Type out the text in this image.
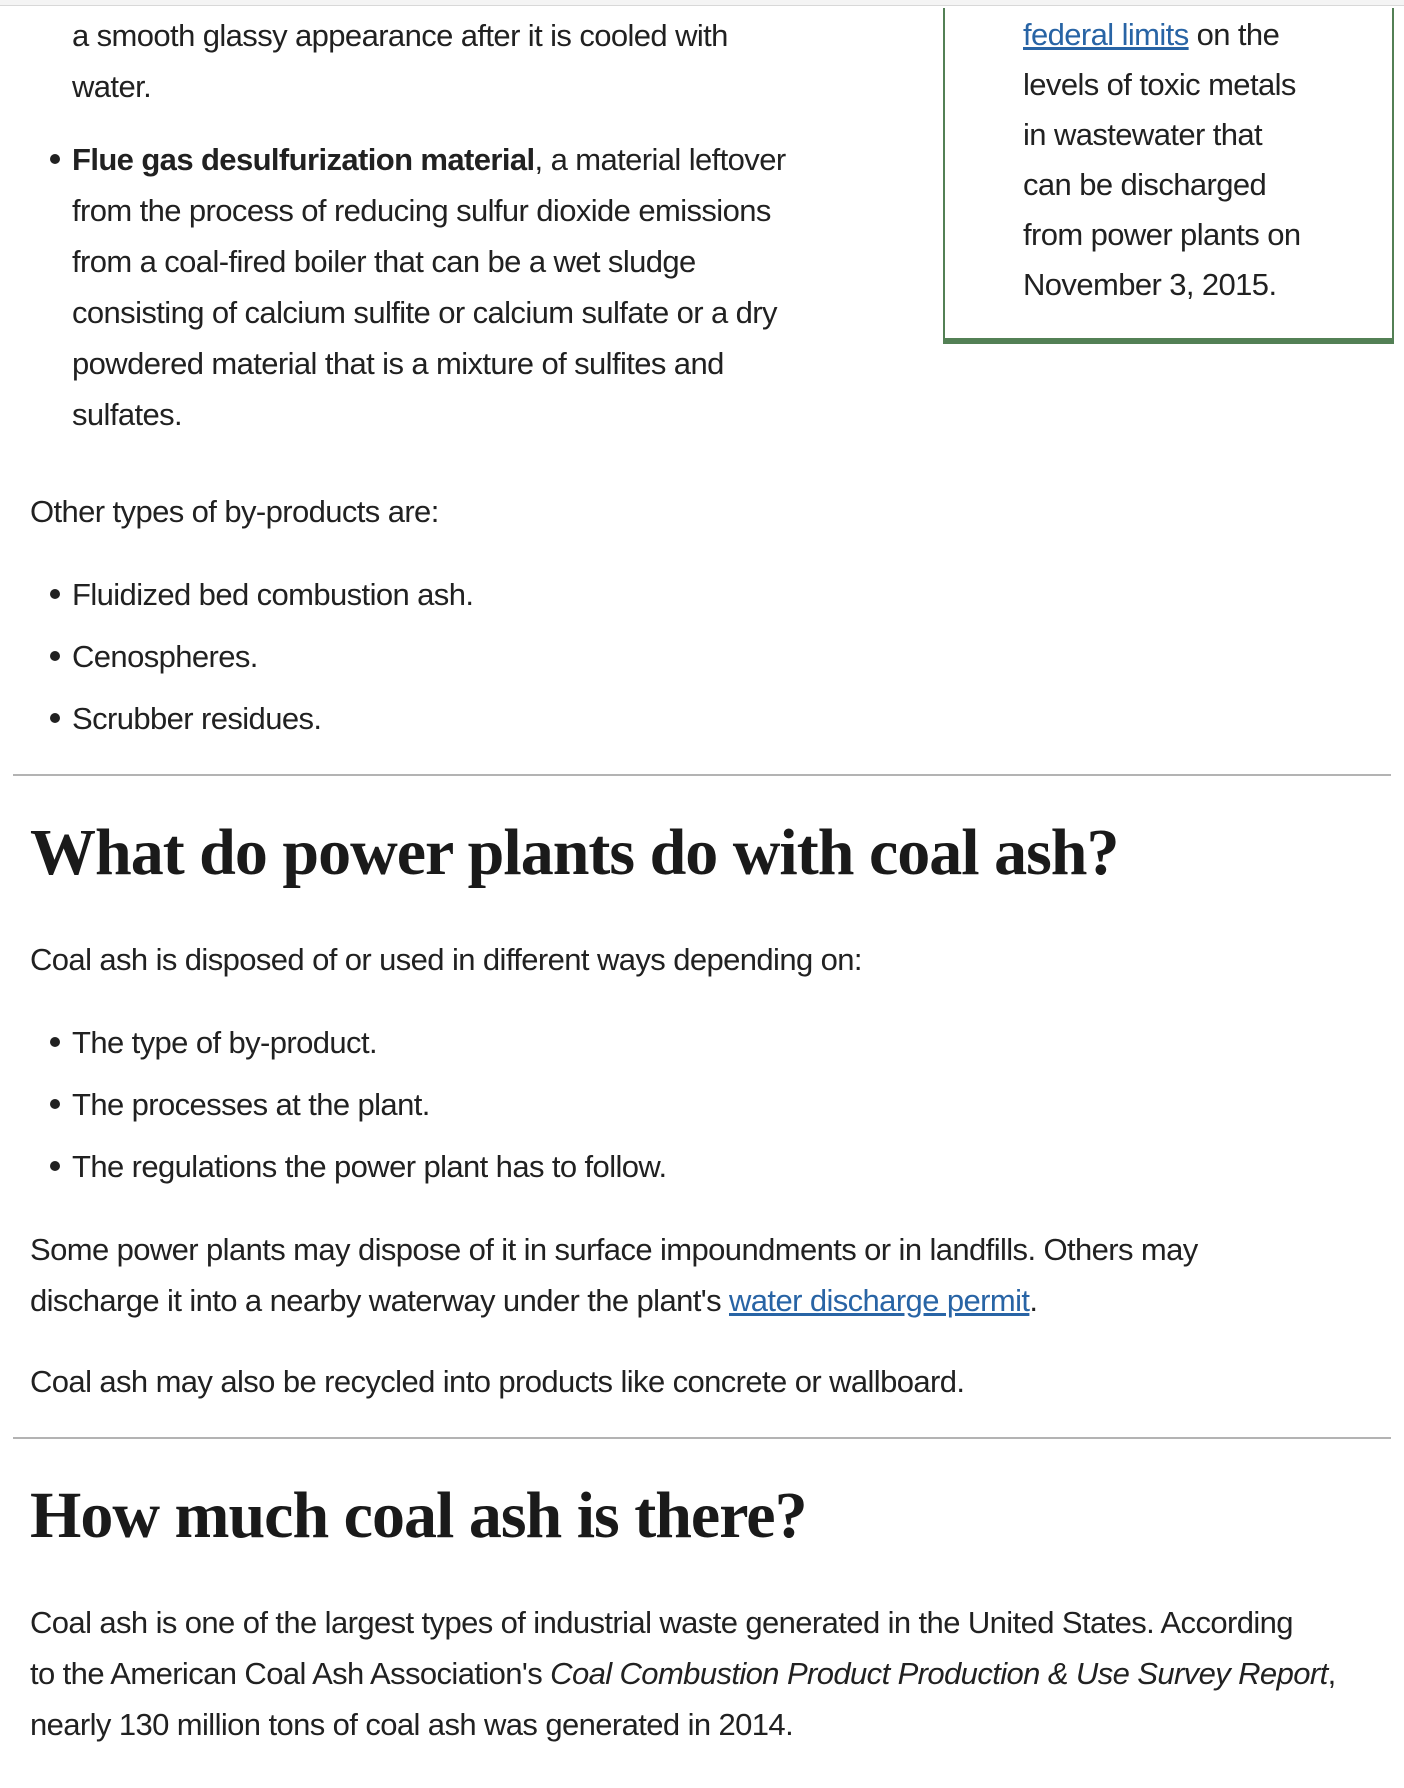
federal limits on the
levels of toxic metals
in wastewater that
can be discharged
from power plants on
November 3, 2015.
a smooth glassy appearance after it is cooled with
water.
Flue gas desulfurization material, a material leftover
from the process of reducing sulfur dioxide emissions
from a coal-fired boiler that can be a wet sludge
consisting of calcium sulfite or calcium sulfate or a dry
powdered material that is a mixture of sulfites and
sulfates.

Other types of by-products are:

Fluidized bed combustion ash.
Cenospheres.
Scrubber residues.
What do power plants do with coal ash?

Coal ash is disposed of or used in different ways depending on:

The type of by-product.
The processes at the plant.
The regulations the power plant has to follow.

Some power plants may dispose of it in surface impoundments or in landfills. Others may
discharge it into a nearby waterway under the plant's water discharge permit.

Coal ash may also be recycled into products like concrete or wallboard.

How much coal ash is there?

Coal ash is one of the largest types of industrial waste generated in the United States. According
to the American Coal Ash Association's Coal Combustion Product Production & Use Survey Report,
nearly 130 million tons of coal ash was generated in 2014.
